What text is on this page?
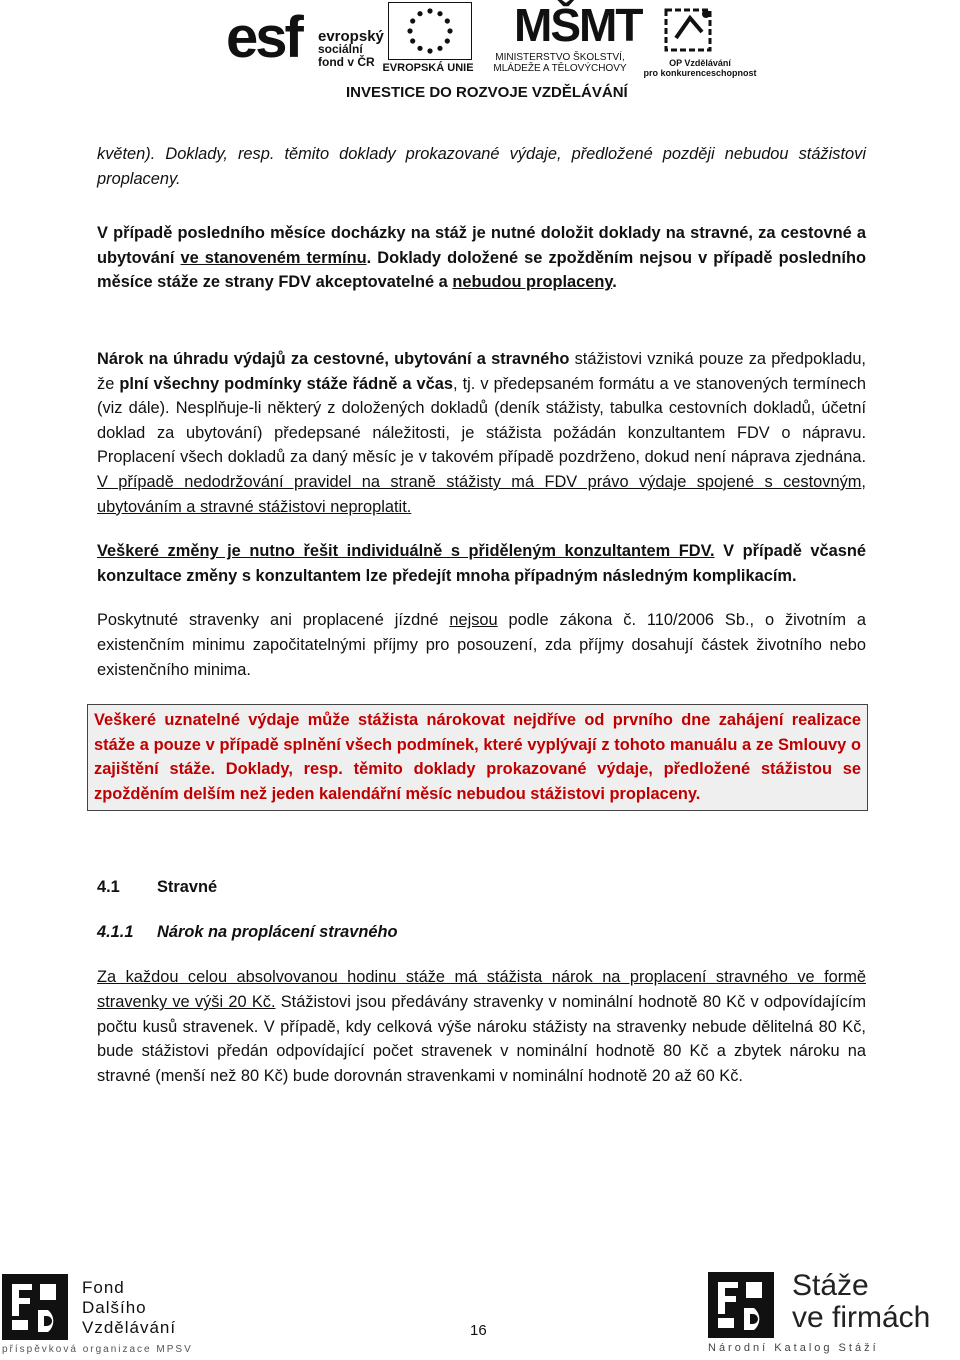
esf evropský
sociální
fond v ČR EVROPSKÁ UNIE
MŠMT
MINISTERSTVO ŠKOLSTVÍ,
MLÁDEŽE A TĚLOVÝCHOVY	OP Vzdělávání
pro konkurenceschopnost
INVESTICE DO ROZVOJE VZDĚLÁVÁNÍ

květen). Doklady, resp. těmito doklady prokazované výdaje, předložené později nebudou stážistovi proplaceny.

V případě posledního měsíce docházky na stáž je nutné doložit doklady na stravné, za cestovné a ubytování ve stanoveném termínu. Doklady doložené se zpožděním nejsou v případě posledního měsíce stáže ze strany FDV akceptovatelné a nebudou proplaceny.

Nárok na úhradu výdajů za cestovné, ubytování a stravného stážistovi vzniká pouze za předpokladu, že plní všechny podmínky stáže řádně a včas, tj. v předepsaném formátu a ve stanovených termínech (viz dále). Nesplňuje-li některý z doložených dokladů (deník stážisty, tabulka cestovních dokladů, účetní doklad za ubytování) předepsané náležitosti, je stážista požádán konzultantem FDV o nápravu. Proplacení všech dokladů za daný měsíc je v takovém případě pozdrženo, dokud není náprava zjednána. V případě nedodržování pravidel na straně stážisty má FDV právo výdaje spojené s cestovným, ubytováním a stravné stážistovi neproplatit.

Veškeré změny je nutno řešit individuálně s přiděleným konzultantem FDV. V případě včasné konzultace změny s konzultantem lze předejít mnoha případným následným komplikacím.

Poskytnuté stravenky ani proplacené jízdné nejsou podle zákona č. 110/2006 Sb., o životním a existenčním minimu započitatelnými příjmy pro posouzení, zda příjmy dosahují částek životního nebo existenčního minima.

Veškeré uznatelné výdaje může stážista nárokovat nejdříve od prvního dne zahájení realizace stáže a pouze v případě splnění všech podmínek, které vyplývají z tohoto manuálu a ze Smlouvy o zajištění stáže. Doklady, resp. těmito doklady prokazované výdaje, předložené stážistou se zpožděním delším než jeden kalendářní měsíc nebudou stážistovi proplaceny.

4.1 Stravné
4.1.1 Nárok na proplácení stravného

Za každou celou absolvovanou hodinu stáže má stážista nárok na proplacení stravného ve formě stravenky ve výši 20 Kč. Stážistovi jsou předávány stravenky v nominální hodnotě 80 Kč v odpovídajícím počtu kusů stravenek. V případě, kdy celková výše nároku stážisty na stravenky nebude dělitelná 80 Kč, bude stážistovi předán odpovídající počet stravenek v nominální hodnotě 80 Kč a zbytek nároku na stravné (menší než 80 Kč) bude dorovnán stravenkami v nominální hodnotě 20 až 60 Kč.

Fond
Dalšího
Vzdělávání
příspěvková organizace MPSV
16
Stáže
ve firmách
Národní Katalog Stáží
